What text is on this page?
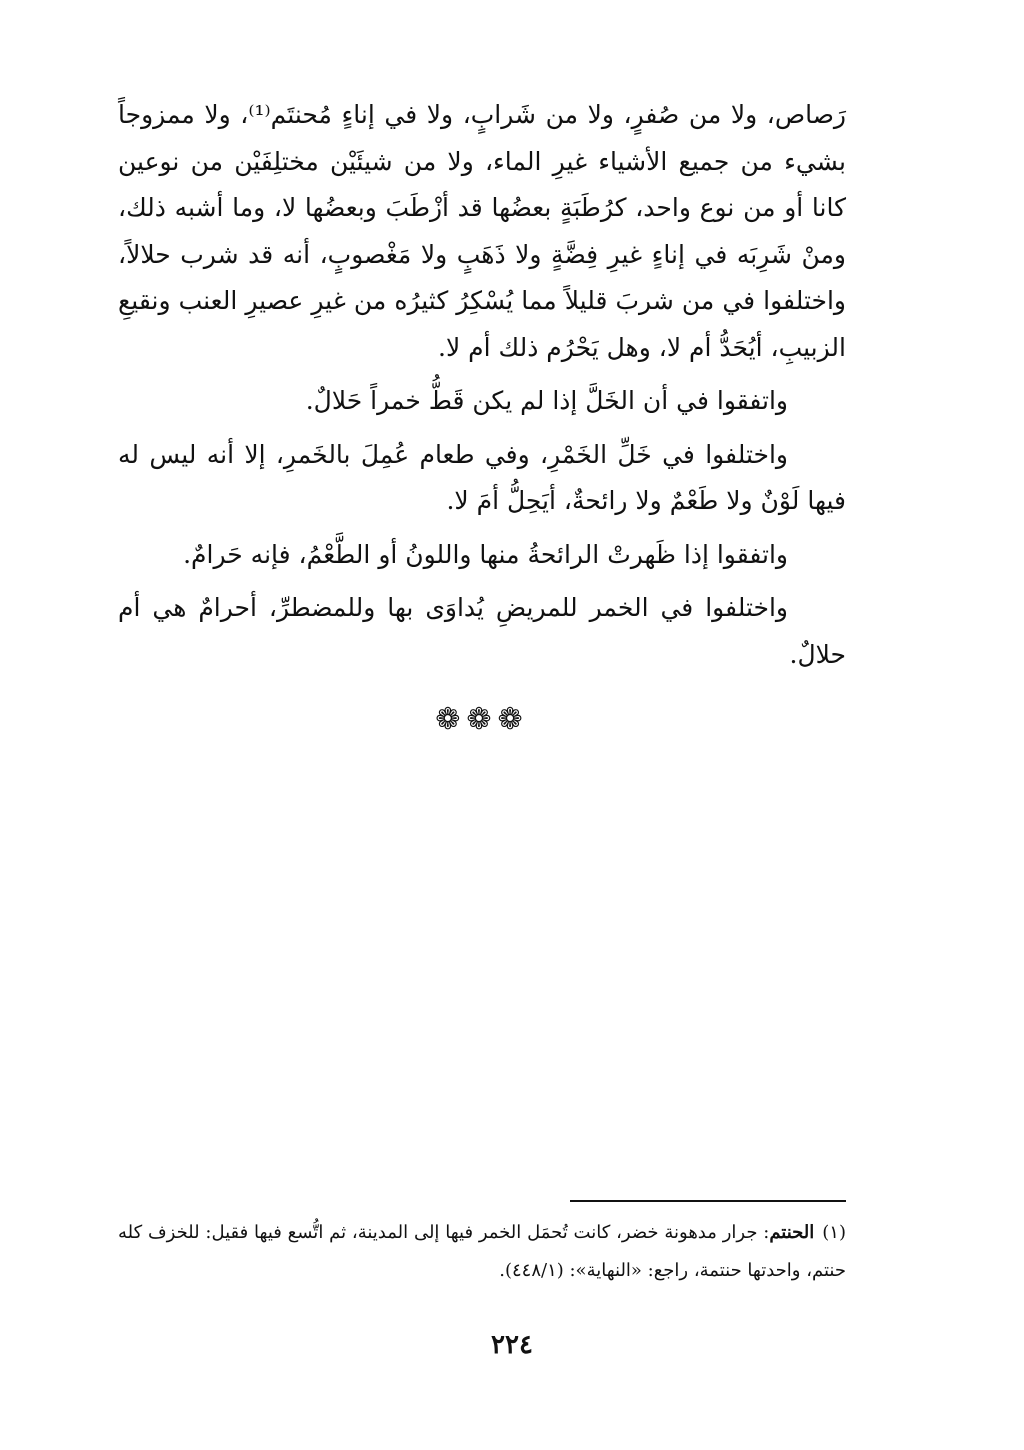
رَصاص، ولا من صُفرٍ، ولا من شَرابٍ، ولا في إناءٍ مُحنتَم⁽¹⁾، ولا ممزوجاً بشيء من جميع الأشياء غيرِ الماء، ولا من شيئَيْن مختلِفَيْن من نوعين كانا أو من نوع واحد، كرُطَبَةٍ بعضُها قد أزْطَبَ وبعضُها لا، وما أشبه ذلك، ومنْ شَرِبَه في إناءٍ غيرِ فِضَّةٍ ولا ذَهَبٍ ولا مَغْصوبٍ، أنه قد شرب حلالاً، واختلفوا في من شربَ قليلاً مما يُسْكِرُ كثيرُه من غيرِ عصيرِ العنب ونقيعِ الزبيبِ، أيُحَدُّ أم لا، وهل يَحْرُم ذلك أم لا.

واتفقوا في أن الخَلَّ إذا لم يكن قَطُّ خمراً حَلالٌ.

واختلفوا في خَلِّ الخَمْرِ، وفي طعام عُمِلَ بالخَمرِ، إلا أنه ليس له فيها لَوْنٌ ولا طَعْمٌ ولا رائحةٌ، أيَحِلُّ أمَ لا.

واتفقوا إذا ظَهرتْ الرائحةُ منها واللونُ أو الطَّعْمُ، فإنه حَرامٌ.

واختلفوا في الخمر للمريضِ يُداوَى بها وللمضطرِّ، أحرامٌ هي أم حلالٌ.

❁❁❁
(١)الحنتم: جرار مدهونة خضر، كانت تُحمَل الخمر فيها إلى المدينة، ثم اتُّسع فيها فقيل: للخزف كله حنتم، واحدتها حنتمة، راجع: «النهاية»: (٤٤٨/١).
٢٢٤
